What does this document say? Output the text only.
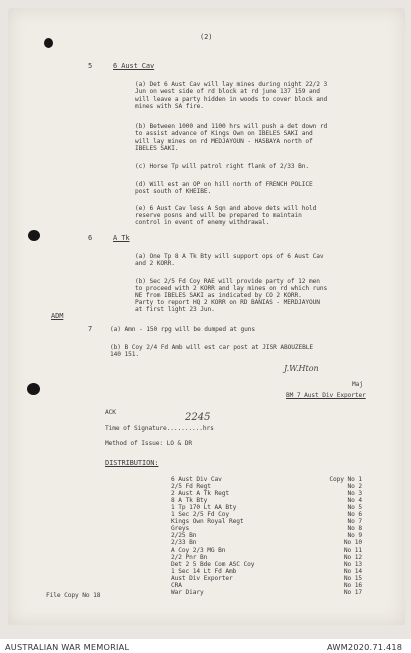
(2)
5	6 Aust Cav
(a) Det 6 Aust Cav will lay mines during night 22/2 3
Jun on west side of rd block at rd june 137 159 and
will leave a party hidden in woods to cover block and
mines with SA fire.
(b) Between 1000 and 1100 hrs will push a det down rd
to assist advance of Kings Own on IBELES SAKI and
will lay mines on rd MEDJAYOUN - HASBAYA north of
IBELES SAKI.
(c) Horse Tp will patrol right flank of 2/33 Bn.
(d) Will est an OP on hill north of FRENCH POLICE
post south of KHEIBE.
(e) 6 Aust Cav less A Sqn and above dets will hold
reserve posns and will be prepared to maintain
control in event of enemy withdrawal.
6	A Tk
(a) One Tp 8 A Tk Bty will support ops of 6 Aust Cav
and 2 KORR.
(b) Sec 2/5 Fd Coy RAE will provide party of 12 men
to proceed with 2 KORR and lay mines on rd which runs
NE from IBELES SAKI as indicated by CO 2 KORR.
Party to report HQ 2 KORR on RD BANIAS - MERDJAYOUN
at first light 23 Jun.
ADM
7	(a) Amn - 150 rpg will be dumped at guns
(b) B Coy 2/4 Fd Amb will est car post at JISR ABOUZEBLE
140 151.
J.W.Hton
Maj
BM 7 Aust Div Exporter
ACK	2245
Time of Signature..........hrs
Method of Issue: LO & DR
DISTRIBUTION:
6 Aust Div Cav	Copy No 1
2/5 Fd Regt	No 2
2 Aust A Tk Regt	No 3
8 A Tk Bty	No 4
1 Tp 170 Lt AA Bty	No 5
1 Sec 2/5 Fd Coy	No 6
Kings Own Royal Regt	No 7
Greys	No 8
2/25 Bn	No 9
2/33 Bn	No 10
A Coy 2/3 MG Bn	No 11
2/2 Pnr Bn	No 12
Det 2 5 Bde Com ASC Coy	No 13
1 Sec 14 Lt Fd Amb	No 14
Aust Div Exporter	No 15
CRA	No 16
War Diary	No 17
File Copy No 18
AUSTRALIAN WAR MEMORIAL	AWM2020.71.418
